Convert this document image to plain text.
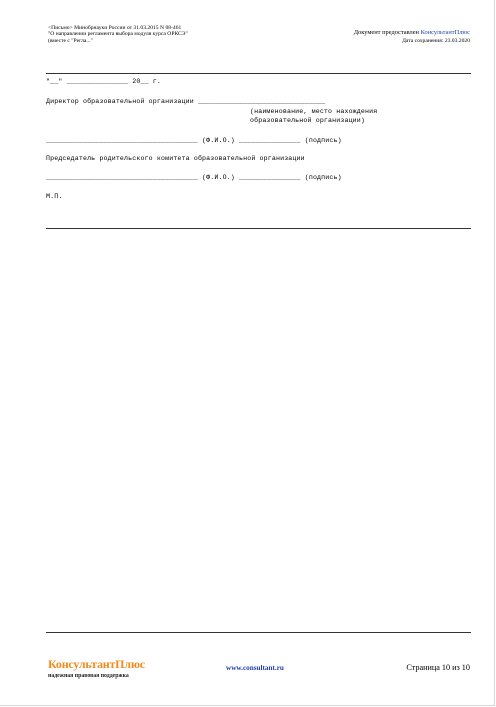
<Письмо> Минобрнауки России от 31.03.2015 N 08-461
"О направлении регламента выбора модуля курса ОРКСЭ"
(вместе с "Регла..."
Документ предоставлен КонсультантПлюс
Дата сохранения: 23.03.2020
"__" _______________ 20__ г.
Директор образовательной организации _______________________________
(наименование, место нахождения
образовательной организации)
_____________________________________ (Ф.И.О.) _______________ (подпись)
Председатель родительского комитета образовательной организации
_____________________________________ (Ф.И.О.) _______________ (подпись)
М.П.
КонсультантПлюс
надежная правовая поддержка
www.consultant.ru	Страница 10 из 10
